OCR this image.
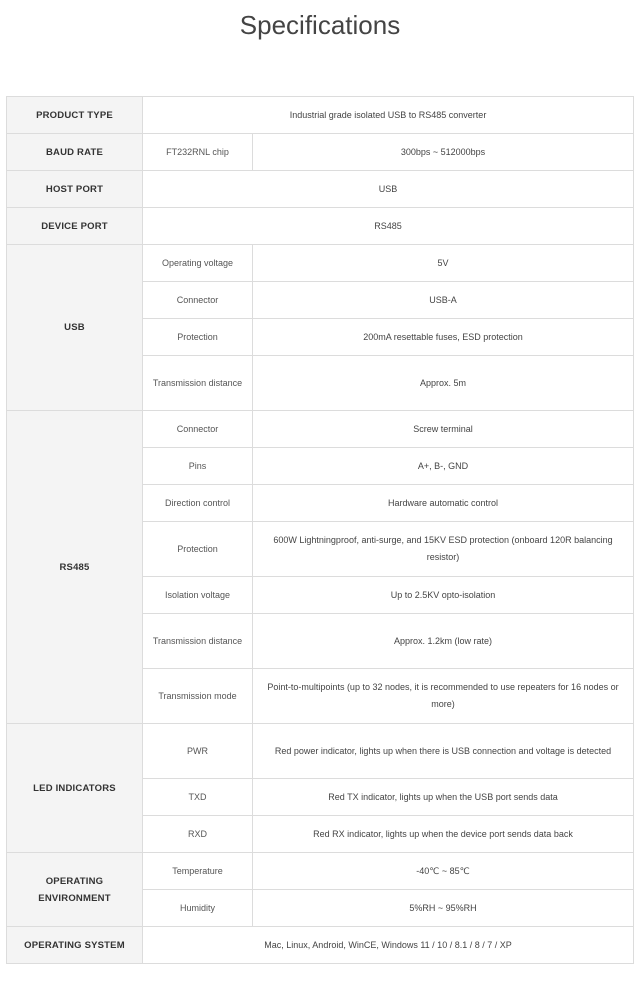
Specifications
PRODUCT TYPE	Industrial grade isolated USB to RS485 converter	
BAUD RATE	FT232RNL chip	300bps ~ 512000bps
HOST PORT	USB	
DEVICE PORT	RS485	
USB	Operating voltage	5V
	Connector	USB-A
	Protection	200mA resettable fuses, ESD protection
	Transmission distance	Approx. 5m
RS485	Connector	Screw terminal
	Pins	A+, B-, GND
	Direction control	Hardware automatic control
	Protection	600W Lightningproof, anti-surge, and 15KV ESD protection (onboard 120R balancing resistor)
	Isolation voltage	Up to 2.5KV opto-isolation
	Transmission distance	Approx. 1.2km (low rate)
	Transmission mode	Point-to-multipoints (up to 32 nodes, it is recommended to use repeaters for 16 nodes or more)
LED INDICATORS	PWR	Red power indicator, lights up when there is USB connection and voltage is detected
	TXD	Red TX indicator, lights up when the USB port sends data
	RXD	Red RX indicator, lights up when the device port sends data back
OPERATING ENVIRONMENT	Temperature	-40℃ ~ 85℃
	Humidity	5%RH ~ 95%RH
OPERATING SYSTEM	Mac, Linux, Android, WinCE, Windows 11 / 10 / 8.1 / 8 / 7 / XP	
